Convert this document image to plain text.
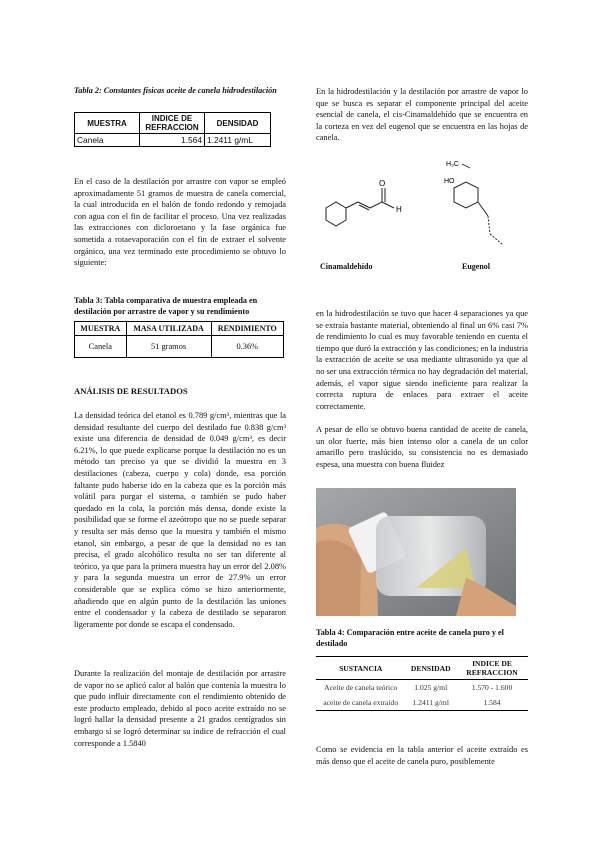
Tabla 2: Constantes físicas aceite de canela hidrodestilación

MUESTRA	INDICE DE REFRACCION	DENSIDAD
Canela	1.564	1.2411 g/mL

En el caso de la destilación por arrastre con vapor se empleó aproximadamente 51 gramos de muestra de canela comercial, la cual introducida en el balón de fondo redondo y remojada con agua con el fin de facilitar el proceso. Una vez realizadas las extracciones con dicloroetano y la fase orgánica fue sometida a rotaevaporación con el fin de extraer el solvente orgánico, una vez terminado este procedimiento se obtuvo lo siguiente:

Tabla 3: Tabla comparativa de muestra empleada en destilación por arrastre de vapor y su rendimiento

MUESTRA	MASA UTILIZADA	RENDIMIENTO
Canela	51 gramos	0.36%
ANÁLISIS DE RESULTADOS

La densidad teórica del etanol es 0.789 g/cm³, mientras que la densidad resultante del cuerpo del destilado fue 0.838 g/cm³ existe una diferencia de densidad de 0.049 g/cm³, es decir 6.21%, lo que puede explicarse porque la destilación no es un método tan preciso ya que se dividió la muestra en 3 destilaciones (cabeza, cuerpo y cola) donde, esa porción faltante pudo haberse ido en la cabeza que es la porción más volátil para purgar el sistema, o también se pudo haber quedado en la cola, la porción más densa, donde existe la posibilidad que se forme el azeótropo que no se puede separar y resulta ser más denso que la muestra y también el mismo etanol, sin embargo, a pesar de que la densidad no es tan precisa, el grado alcohólico resulta no ser tan diferente al teórico, ya que para la primera muestra hay un error del 2.08% y para la segunda muestra un error de 27.9% un error considerable que se explica cómo se hizo anteriormente, añadiendo que en algún punto de la destilación las uniones entre el condensador y la cabeza de destilado se separaron ligeramente por donde se escapa el condensado.

Durante la realización del montaje de destilación por arrastre de vapor no se aplicó calor al balón que contenía la muestra lo que pudo influir directamente con el rendimiento obtenido de este producto empleado, debido al poco aceite extraído no se logró hallar la densidad presente a 21 grados centígrados sin embargo sí se logró determinar su índice de refracción el cual corresponde a 1.5840

En la hidrodestilación y la destilación por arrastre de vapor lo que se busca es separar el componente principal del aceite esencial de canela, el cis-Cinamaldehído que se encuentra en la corteza en vez del eugenol que se encuentra en las hojas de canela.

O
H
H₃C
HO
Cinamaldehído	Eugenol

en la hidrodestilación se tuvo que hacer 4 separaciones ya que se extraía bastante material, obteniendo al final un 6% casi 7% de rendimiento lo cual es muy favorable teniendo en cuenta el tiempo que duró la extracción y las condiciones; en la industria la extracción de aceite se usa mediante ultrasonido ya que al no ser una extracción térmica no hay degradación del material, además, el vapor sigue siendo ineficiente para realizar la correcta ruptura de enlaces para extraer el aceite correctamente.

A pesar de ello se obtuvo buena cantidad de aceite de canela, un olor fuerte, más bien intenso olor a canela de un color amarillo pero traslúcido, su consistencia no es demasiado espesa, una muestra con buena fluidez

Tabla 4: Comparación entre aceite de canela puro y el destilado

SUSTANCIA	DENSIDAD	INDICE DE REFRACCION
Aceite de canela teórico	1.025 g/ml	1.570 - 1.600
aceite de canela extraído	1.2411 g/ml	1.584

Como se evidencia en la tabla anterior el aceite extraído es más denso que el aceite de canela puro, posiblemente
